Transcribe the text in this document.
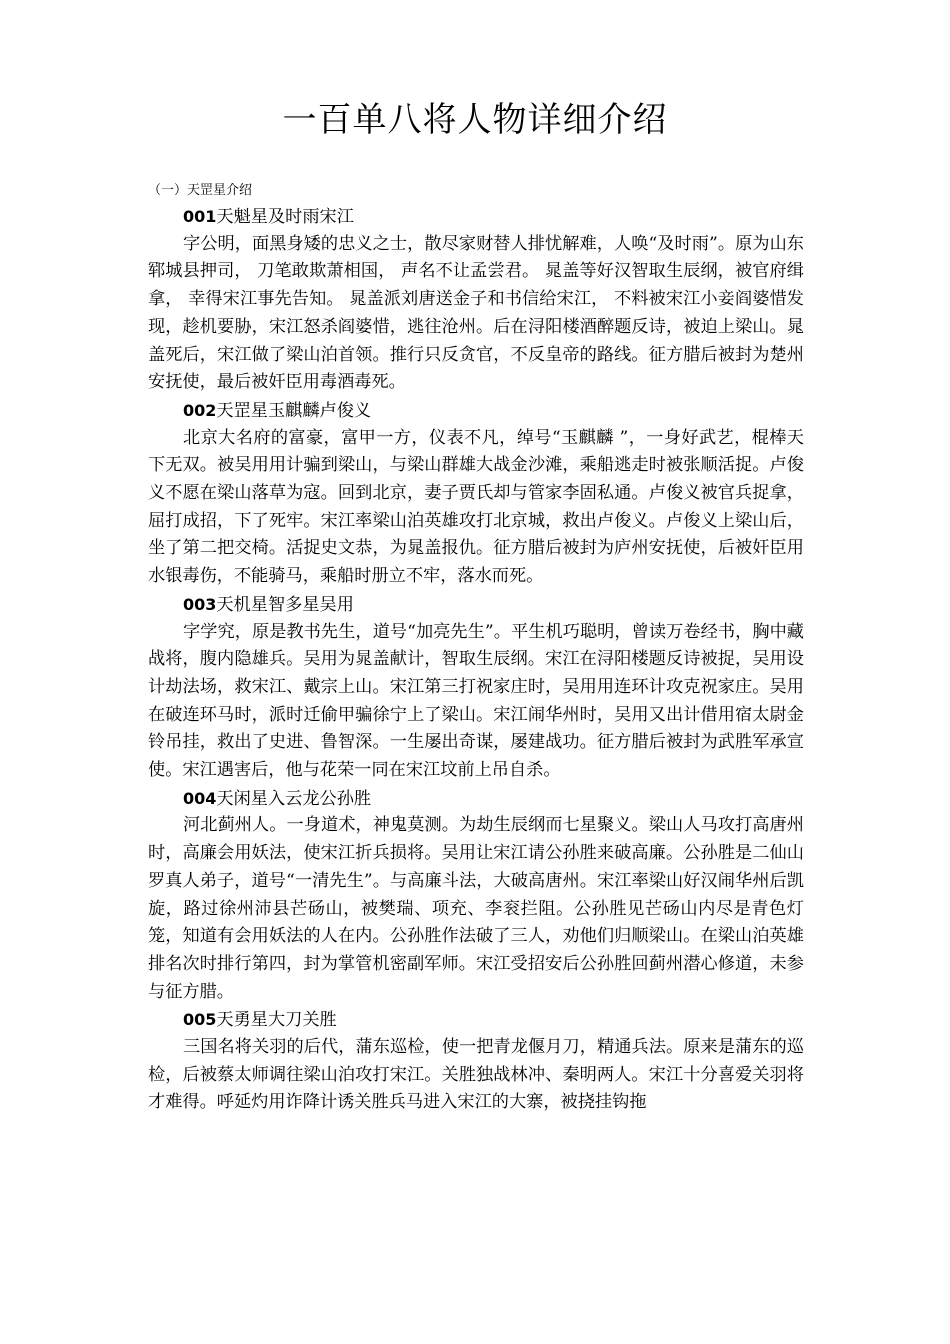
一百单八将人物详细介绍
（一）天罡星介绍
001天魁星及时雨宋江

字公明，面黑身矮的忠义之士，散尽家财替人排忧解难，人唤“及时雨”。原为山东郓城县押司， 刀笔敢欺萧相国， 声名不让孟尝君。 晁盖等好汉智取生辰纲，被官府缉拿， 幸得宋江事先告知。 晁盖派刘唐送金子和书信给宋江， 不料被宋江小妾阎婆惜发现，趁机要胁，宋江怒杀阎婆惜，逃往沧州。后在浔阳楼酒醉题反诗，被迫上梁山。晁盖死后，宋江做了梁山泊首领。推行只反贪官，不反皇帝的路线。征方腊后被封为楚州安抚使，最后被奸臣用毒酒毒死。

002天罡星玉麒麟卢俊义

北京大名府的富豪，富甲一方，仪表不凡，绰号“玉麒麟 ”，一身好武艺，棍棒天下无双。被吴用用计骗到梁山，与梁山群雄大战金沙滩，乘船逃走时被张顺活捉。卢俊义不愿在梁山落草为寇。回到北京，妻子贾氏却与管家李固私通。卢俊义被官兵捉拿，屈打成招，下了死牢。宋江率梁山泊英雄攻打北京城，救出卢俊义。卢俊义上梁山后，坐了第二把交椅。活捉史文恭，为晁盖报仇。征方腊后被封为庐州安抚使，后被奸臣用水银毒伤，不能骑马，乘船时册立不牢，落水而死。

003天机星智多星吴用

字学究，原是教书先生，道号“加亮先生”。平生机巧聪明，曾读万卷经书，胸中藏战将，腹内隐雄兵。吴用为晁盖献计，智取生辰纲。宋江在浔阳楼题反诗被捉，吴用设计劫法场，救宋江、戴宗上山。宋江第三打祝家庄时，吴用用连环计攻克祝家庄。吴用在破连环马时，派时迁偷甲骗徐宁上了梁山。宋江闹华州时，吴用又出计借用宿太尉金铃吊挂，救出了史进、鲁智深。一生屡出奇谋，屡建战功。征方腊后被封为武胜军承宣使。宋江遇害后，他与花荣一同在宋江坟前上吊自杀。

004天闲星入云龙公孙胜

河北蓟州人。一身道术，神鬼莫测。为劫生辰纲而七星聚义。梁山人马攻打高唐州时，高廉会用妖法，使宋江折兵损将。吴用让宋江请公孙胜来破高廉。公孙胜是二仙山罗真人弟子，道号“一清先生”。与高廉斗法，大破高唐州。宋江率梁山好汉闹华州后凯旋，路过徐州沛县芒砀山，被樊瑞、项充、李衮拦阻。公孙胜见芒砀山内尽是青色灯笼，知道有会用妖法的人在内。公孙胜作法破了三人，劝他们归顺梁山。在梁山泊英雄排名次时排行第四，封为掌管机密副军师。宋江受招安后公孙胜回蓟州潜心修道，未参与征方腊。

005天勇星大刀关胜

三国名将关羽的后代，蒲东巡检，使一把青龙偃月刀，精通兵法。原来是蒲东的巡检，后被蔡太师调往梁山泊攻打宋江。关胜独战林冲、秦明两人。宋江十分喜爱关羽将才难得。呼延灼用诈降计诱关胜兵马进入宋江的大寨，被挠挂钩拖
